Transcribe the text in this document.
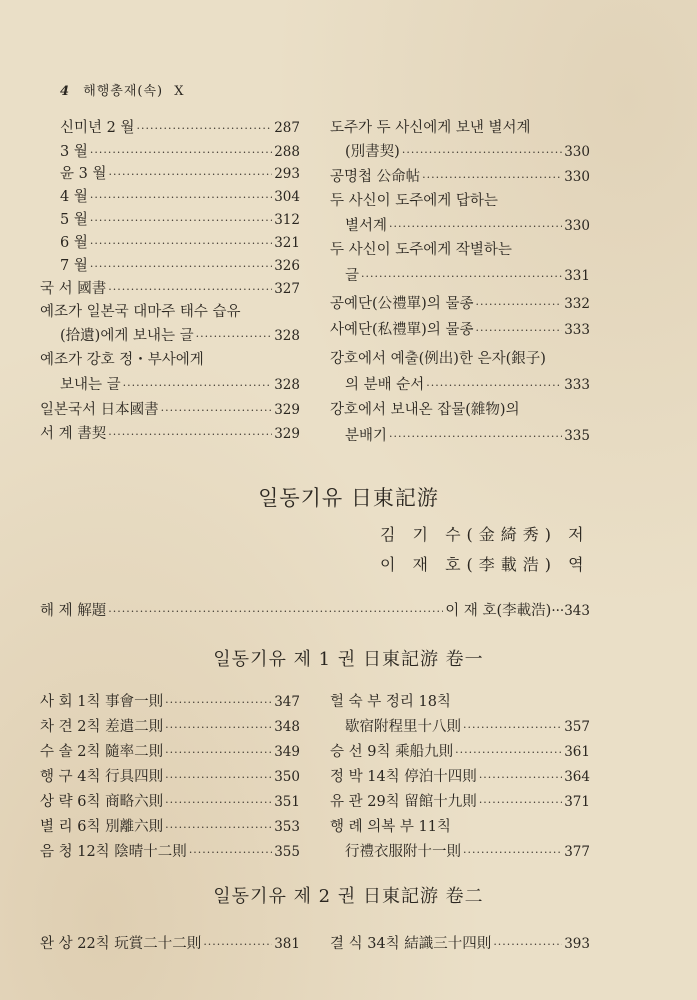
4 해행총재(속) X
신미년 2 월 ·····	287
3 월 ·····	288
윤 3 월 ·····	293
4 월 ·····	304
5 월 ·····	312
6 월 ·····	321
7 월 ·····	326
국 서 國書 ·····	327
예조가 일본국 대마주 태수 습유
(拾遺)에게 보내는 글 ·····	328
예조가 강호 정・부사에게
보내는 글 ·····	328
일본국서 日本國書 ·····	329
서 계 書契 ·····	329
도주가 두 사신에게 보낸 별서계
(別書契) ·····	330
공명첩 公命帖 ·····	330
두 사신이 도주에게 답하는
별서계 ·····	330
두 사신이 도주에게 작별하는
글 ·····	331
공예단(公禮單)의 물종 ·····	332
사예단(私禮單)의 물종 ·····	333
강호에서 예출(例出)한 은자(銀子)
의 분배 순서 ·····	333
강호에서 보내온 잡물(雜物)의
분배기 ·····	335
일동기유 日東記游
김 기 수(金綺秀) 저
이 재 호(李載浩) 역
해 제 解題 ·····	이 재 호(李載浩) ··· 343
일동기유 제 1 권 日東記游 卷一
사 회 1칙 事會一則 ·····	347
차 견 2칙 差遣二則 ·····	348
수 솔 2칙 隨率二則 ·····	349
행 구 4칙 行具四則 ·····	350
상 략 6칙 商略六則 ·····	351
별 리 6칙 別離六則 ·····	353
음 청 12칙 陰晴十二則 ·····	355
헐 숙 부 정리 18칙
歇宿附程里十八則 ·····	357
승 선 9칙 乘船九則 ·····	361
정 박 14칙 停泊十四則 ·····	364
유 관 29칙 留館十九則 ·····	371
행 례 의복 부 11칙
行禮衣服附十一則 ·····	377
일동기유 제 2 권 日東記游 卷二
완 상 22칙 玩賞二十二則 ·····	381 결 식 34칙 結識三十四則 ·····	393
